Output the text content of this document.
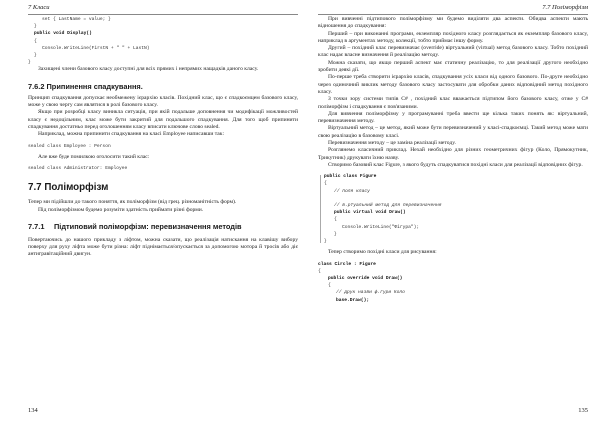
7 Класи
set { LastName = value; }
}
public void Display()
{
Console.WriteLine(FirstN + " " + LastN)
}
}

Захищені члени базового класу доступні для всіх прямих і непрямих нащадків даного класу.

7.6.2 Припинення спадкування.

Принцип спадкування допускає необмежену ієрархію класів. Похідний клас, що є спадкоємцем базового класу, може у свою чергу сам являтися в ролі базового класу.

Якщо при розробці класу виникла ситуація, при якій подальше доповнення чи модифікації можливостей класу є недоцільним, клас може бути закритий для подальшого спадкування. Для того щоб припинити спадкування достатньо перед оголошенням класу вписати ключове слово sealed.

Наприклад, можна припинити спадкування на класі Employee написавши так:

sealed class Employee : Person

Але вже буде помилкою оголосити такий клас:

sealed class Administrator: Employee
7.7 Поліморфізм

Тепер ми підійшли до такого поняття, як поліморфізм (від грец. різноманітність форм).

Під поліморфізмом будемо розуміти здатність приймати різні форми.

7.7.1 Підтиповий поліморфізм: перевизначення методів

Повертаючись до нашого прикладу з ліфтом, можна сказати, що реалізація натискання на клавішу вибору поверху для руху ліфта може бути різна: ліфт піднімається/опускається за допомогою мотора й тросів або діє антигравітаційний двигун.

134
7.7 Поліморфізм

При вивченні підтипового поліморфізму ми будемо виділяти два аспекти. Обидва аспекти мають відношення до спадкування:

Перший – при виконанні програми, екземпляр похідного класу розглядається як екземпляр базового класу, наприклад в аргументах методу, колекції, тобто приймає іншу форму.

Другий – похідний клас перевизначає (override) віртуальний (virtual) метод базового класу. Тобто похідний клас надає власне визначення й реалізацію методу.

Можна сказати, що якщо перший аспект має статичну реалізацію, то для реалізації другого необхідно зробити деякі дії.

По-перше треба створити ієрархію класів, спадкування усіх класи від одного базового. По-друге необхідно через одиночний виклик методу базового класу застосувати для обробки даних відповідний метод похідного класу.

З точки зору системи типів C# , похідний клас вважається підтипом його базового класу, отже у C# поліморфізм і спадкування є пов'язаними.

Для вивчення поліморфізму у програмуванні треба ввести ще кілька таких понять як: віртуальний, перевизначення методу.

Віртуальний метод – це метод, який може бути перевизначений у класі-спадкоємці. Такий метод може мати свою реалізацію в базовому класі.

Перевизначення методу – це заміна реалізації методу.

Розглянемо класичний приклад. Нехай необхідно для різних геометричних фігур (Коло, Прямокутник, Трикутник) друкувати їхню назву.

Створимо базовий клас Figure, з якого будуть спадкуватися похідні класи для реалізації відповідних фігур.

public class Figure
{
// поля класу

// в.ртуальний метод для перевизначення
public virtual void Draw()
{
Console.WriteLine("Фігура");
}
}

Тепер створимо похідні класи для рисування:

class Circle : Figure
{
public override void Draw()
{
// друк назви ф.гури Коло
base.Draw();
135
